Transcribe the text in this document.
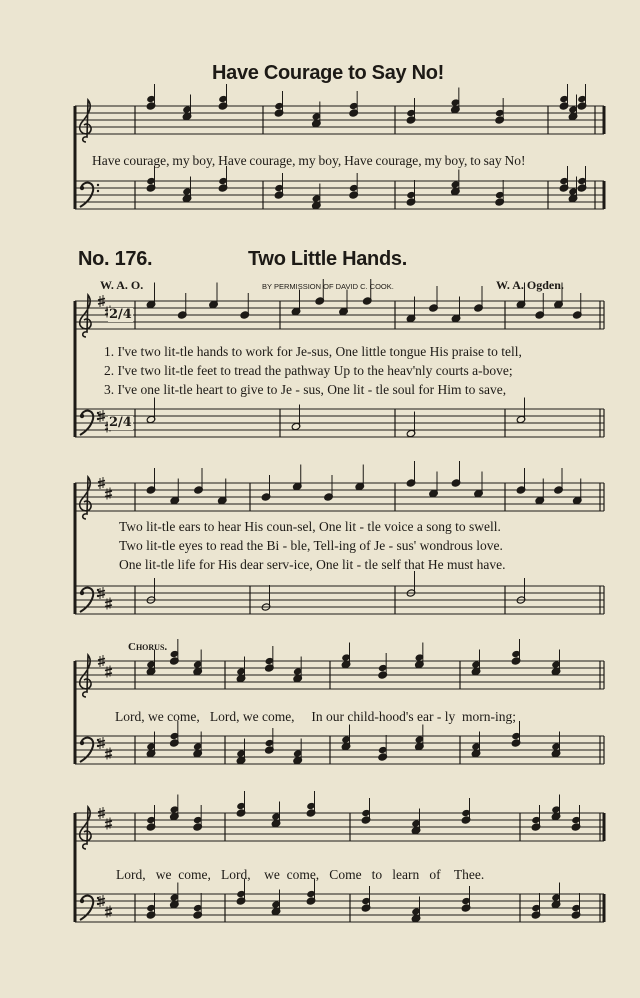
Have Courage to Say No!
Have courage, my boy, Have courage, my boy, Have courage, my boy, to say No!
No. 176.	Two Little Hands.
W. A. O.	BY PERMISSION OF DAVID C. COOK.	W. A. Ogden.
2/4
2/4
1. I've two lit-tle hands to work for Je-sus, One little tongue His praise to tell,
2. I've two lit-tle feet to tread the pathway Up to the heav'nly courts a-bove;
3. I've one lit-tle heart to give to Je - sus, One lit - tle soul for Him to save,
Two lit-tle ears to hear His coun-sel, One lit - tle voice a song to swell.
Two lit-tle eyes to read the Bi - ble, Tell-ing of Je - sus' wondrous love.
One lit-tle life for His dear serv-ice, One lit - tle self that He must have.
Chorus.
Lord, we come,   Lord, we come,     In our child-hood's ear - ly  morn-ing;
Lord,   we  come,   Lord,    we  come,   Come   to   learn   of    Thee.
